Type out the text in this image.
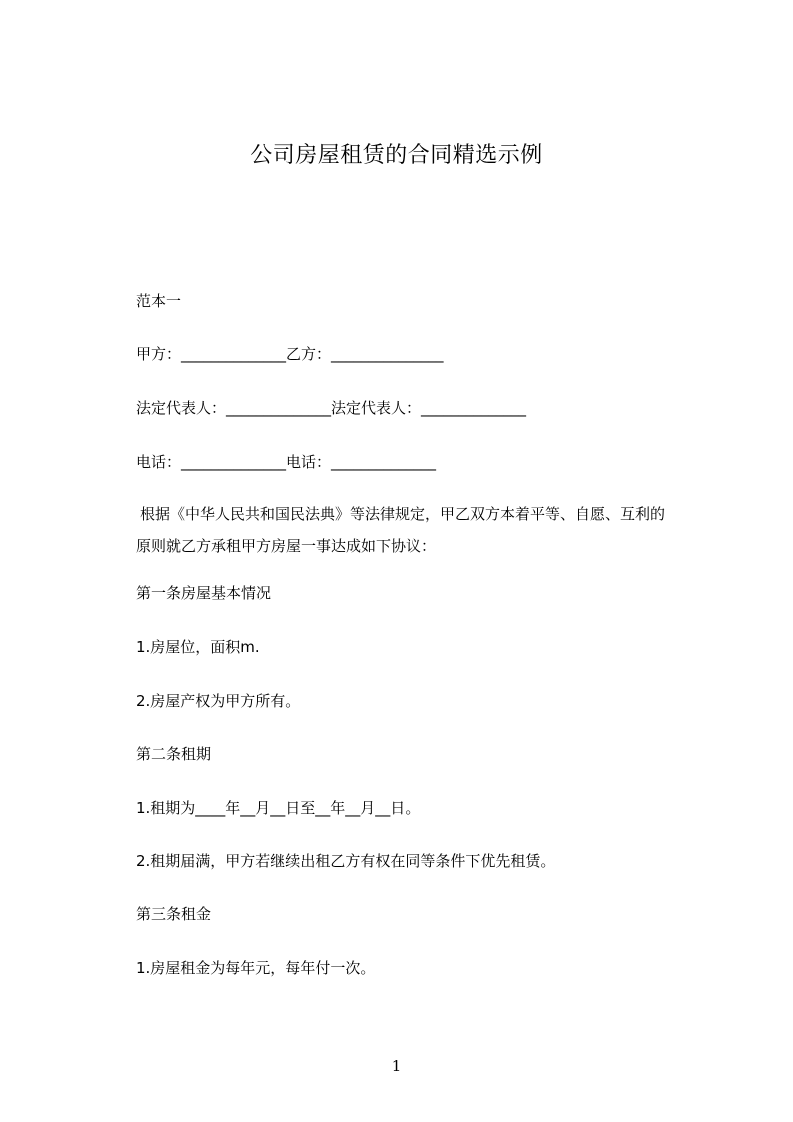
公司房屋租赁的合同精选示例
范本一
甲方：______________乙方：_______________
法定代表人：______________法定代表人：______________
电话：______________电话：______________
根据《中华人民共和国民法典》等法律规定，甲乙双方本着平等、自愿、互利的
原则就乙方承租甲方房屋一事达成如下协议：
第一条房屋基本情况
1.房屋位，面积m.
2.房屋产权为甲方所有。
第二条租期
1.租期为____年__月__日至__年__月__日。
2.租期届满，甲方若继续出租乙方有权在同等条件下优先租赁。
第三条租金
1.房屋租金为每年元，每年付一次。
1
